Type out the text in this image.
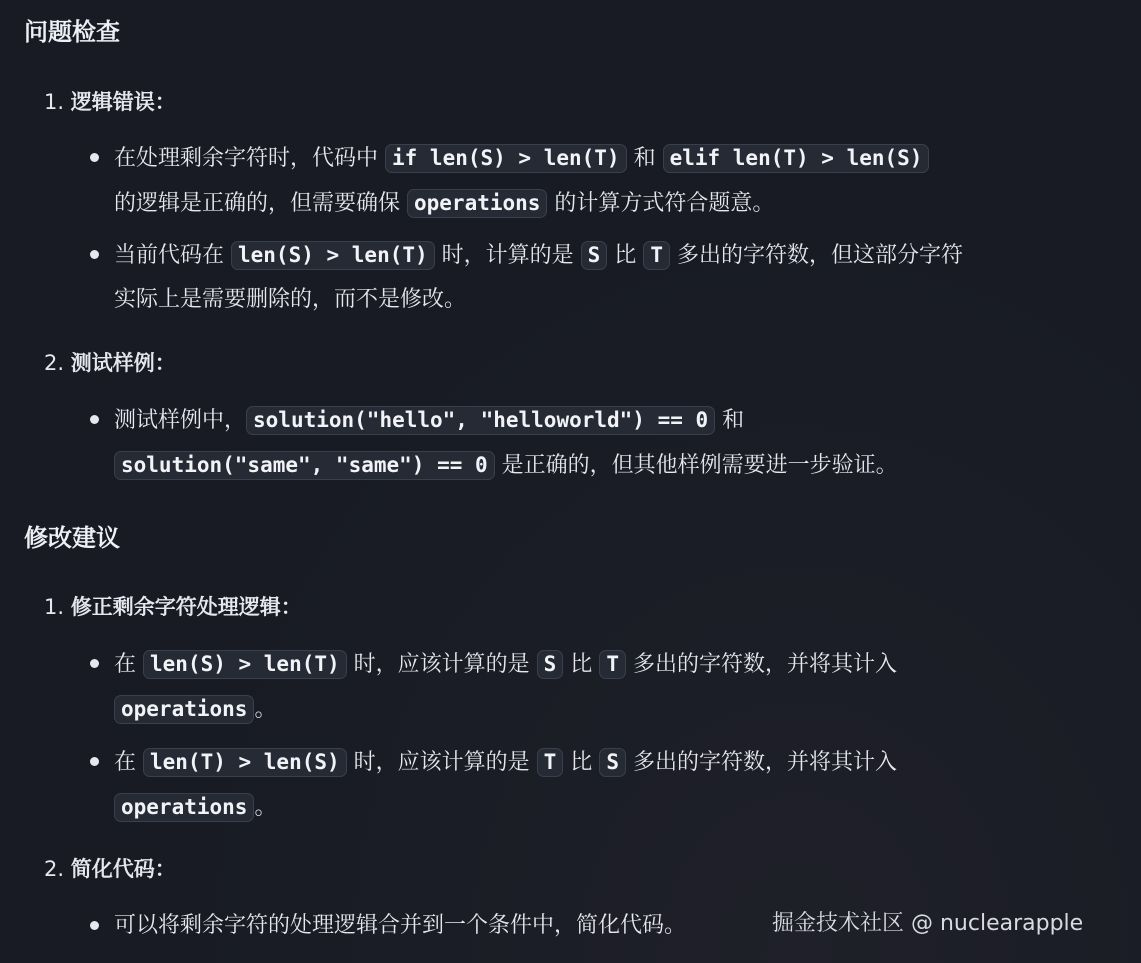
问题检查
1. 逻辑错误：
在处理剩余字符时，代码中 if len(S) > len(T) 和 elif len(T) > len(S)
的逻辑是正确的，但需要确保 operations 的计算方式符合题意。
当前代码在 len(S) > len(T) 时，计算的是 S 比 T 多出的字符数，但这部分字符
实际上是需要删除的，而不是修改。
2. 测试样例：
测试样例中， solution("hello", "helloworld") == 0 和
solution("same", "same") == 0 是正确的，但其他样例需要进一步验证。
修改建议
1. 修正剩余字符处理逻辑：
在 len(S) > len(T) 时，应该计算的是 S 比 T 多出的字符数，并将其计入
operations 。
在 len(T) > len(S) 时，应该计算的是 T 比 S 多出的字符数，并将其计入
operations 。
2. 简化代码：
可以将剩余字符的处理逻辑合并到一个条件中，简化代码。	掘金技术社区 @ nuclearapple
